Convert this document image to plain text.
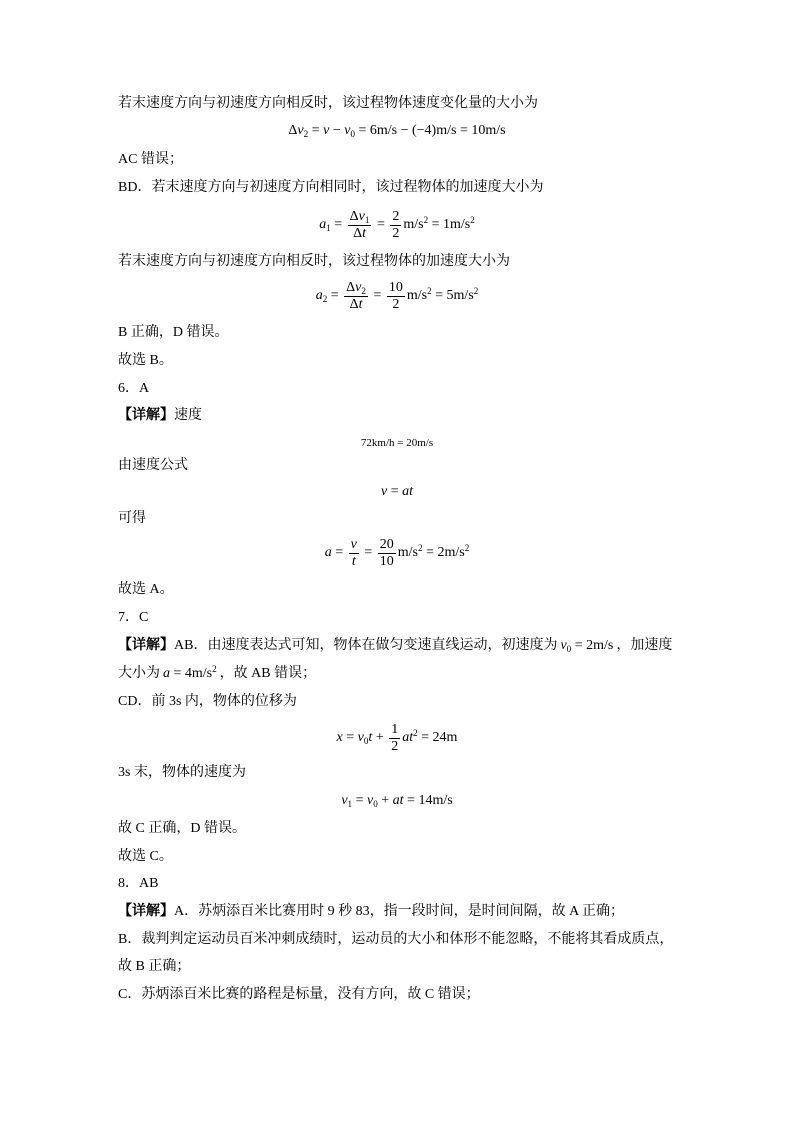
若末速度方向与初速度方向相反时，该过程物体速度变化量的大小为
$\Delta v_2 = v - v_0 = 6m/s - (-4)m/s = 10m/s$
AC 错误；
BD．若末速度方向与初速度方向相同时，该过程物体的加速度大小为
$a_1 = \frac{\Delta v_1}{\Delta t} = \frac{2}{2} m/s^2 = 1m/s^2$
若末速度方向与初速度方向相反时，该过程物体的加速度大小为
$a_2 = \frac{\Delta v_2}{\Delta t} = \frac{10}{2} m/s^2 = 5m/s^2$
B 正确，D 错误。
故选 B。
6．A
【详解】速度
72km/h = 20m/s
由速度公式
v = at
可得
$a = \frac{v}{t} = \frac{20}{10} m/s^2 = 2m/s^2$
故选 A。
7．C
【详解】AB．由速度表达式可知，物体在做匀变速直线运动，初速度为 $v_0 = 2m/s$ ，加速度
大小为 $a = 4m/s^2$ ，故 AB 错误；
CD．前 3s 内，物体的位移为
$x = v_0t + \frac{1}{2} at^2 = 24m$
3s 末，物体的速度为
$v_1 = v_0$ + at = 14m/s
故 C 正确，D 错误。
故选 C。
8．AB
【详解】A．苏炳添百米比赛用时 9 秒 83，指一段时间，是时间间隔，故 A 正确；
B．裁判判定运动员百米冲刺成绩时，运动员的大小和体形不能忽略，不能将其看成质点，
故 B 正确；
C．苏炳添百米比赛的路程是标量，没有方向，故 C 错误；
